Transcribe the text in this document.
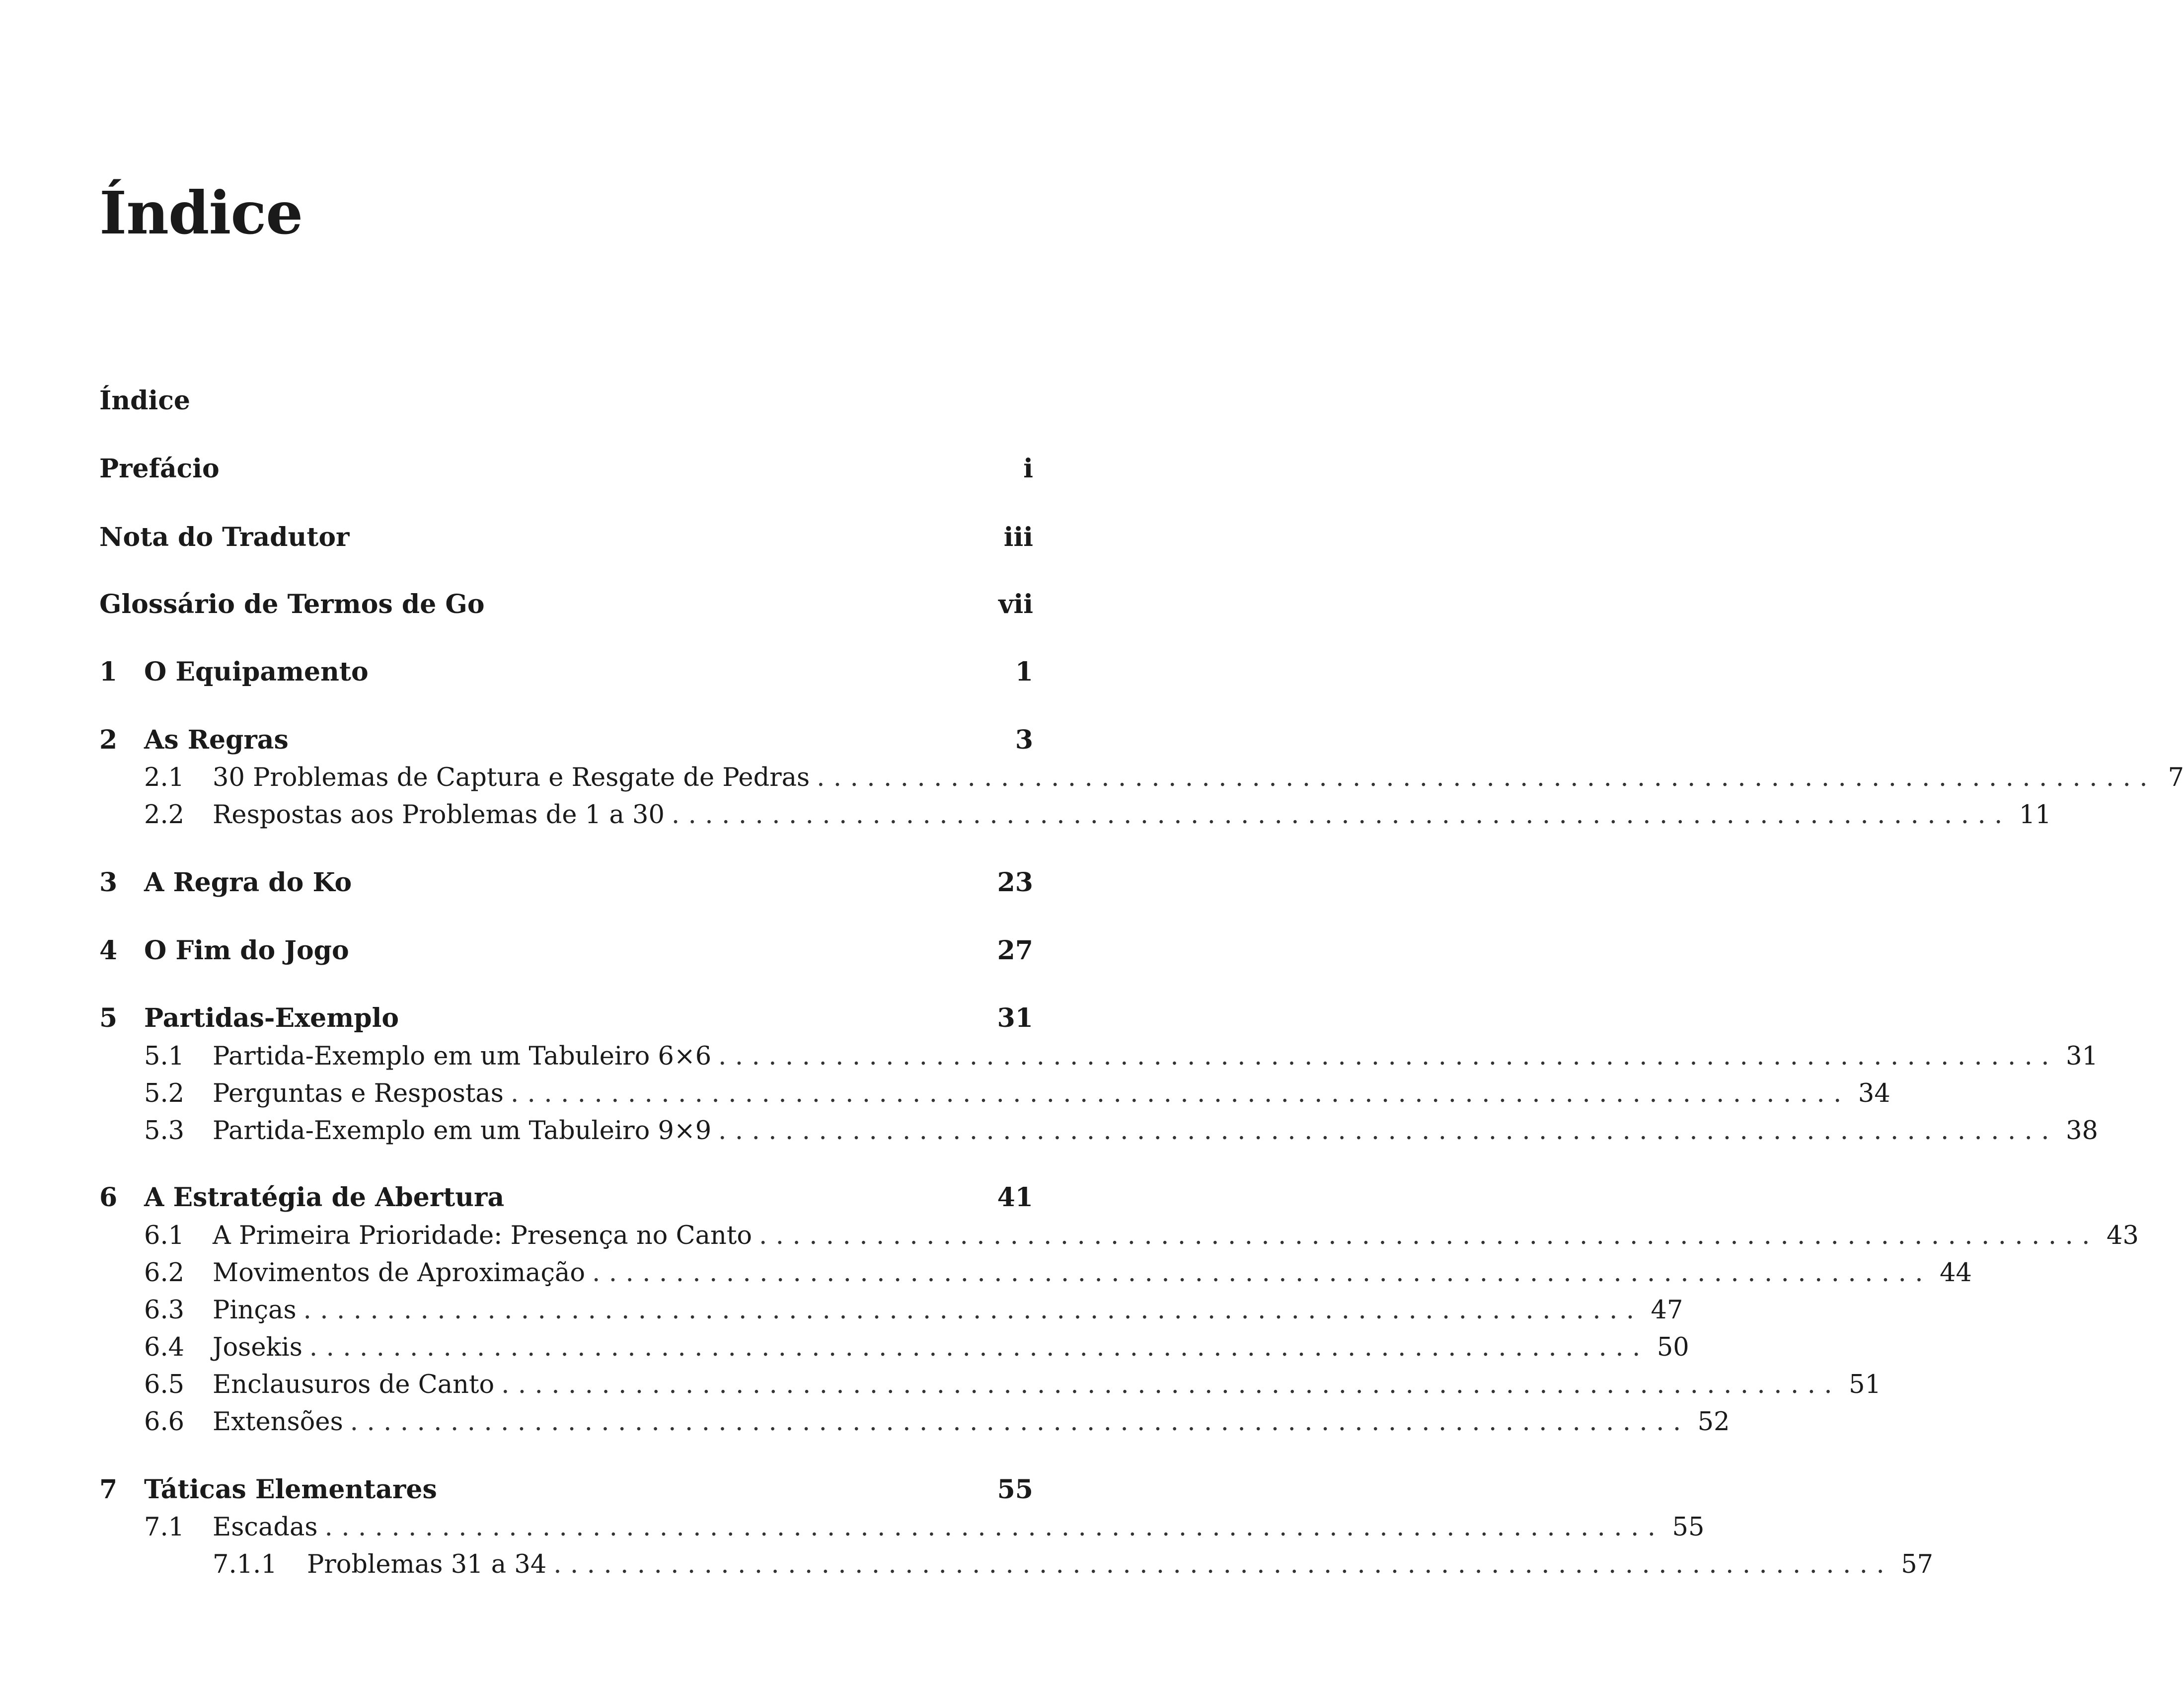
Índice
Índice
Prefácio	i
Nota do Tradutor	iii
Glossário de Termos de Go	vii
1	O Equipamento	1
2	As Regras	3
2.1	30 Problemas de Captura e Resgate de Pedras ................................................................................ 7
2.2	Respostas aos Problemas de 1 a 30 ................................................................................ 11
3	A Regra do Ko	23
4	O Fim do Jogo	27
5	Partidas-Exemplo	31
5.1	Partida-Exemplo em um Tabuleiro 6×6 ................................................................................ 31
5.2	Perguntas e Respostas ................................................................................ 34
5.3	Partida-Exemplo em um Tabuleiro 9×9 ................................................................................ 38
6	A Estratégia de Abertura	41
6.1	A Primeira Prioridade: Presença no Canto ................................................................................ 43
6.2	Movimentos de Aproximação ................................................................................ 44
6.3	Pinças ................................................................................ 47
6.4	Josekis ................................................................................ 50
6.5	Enclausuros de Canto ................................................................................ 51
6.6	Extensões ................................................................................ 52
7	Táticas Elementares	55
7.1	Escadas ................................................................................ 55
7.1.1	Problemas 31 a 34 ................................................................................ 57
